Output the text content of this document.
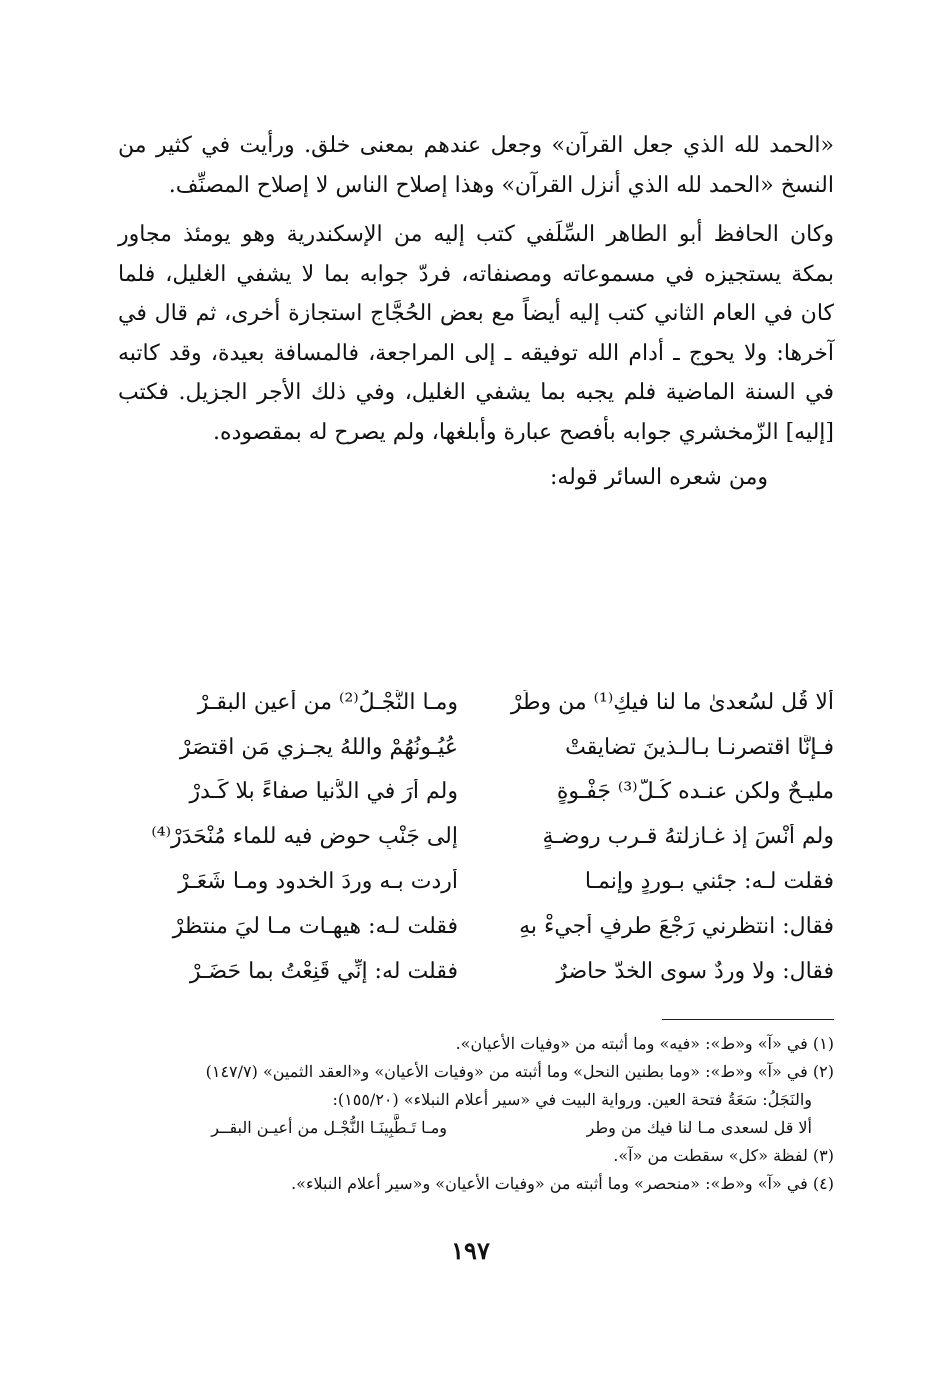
«الحمد لله الذي جعل القرآن» وجعل عندهم بمعنى خلق. ورأيت في كثير من النسخ «الحمد لله الذي أنزل القرآن» وهذا إصلاح الناس لا إصلاح المصنِّف.

وكان الحافظ أبو الطاهر السِّلَفي كتب إليه من الإسكندرية وهو يومئذ مجاور بمكة يستجيزه في مسموعاته ومصنفاته، فردّ جوابه بما لا يشفي الغليل، فلما كان في العام الثاني كتب إليه أيضاً مع بعض الحُجَّاج استجازة أخرى، ثم قال في آخرها: ولا يحوج ـ أدام الله توفيقه ـ إلى المراجعة، فالمسافة بعيدة، وقد كاتبه في السنة الماضية فلم يجبه بما يشفي الغليل، وفي ذلك الأجر الجزيل. فكتب [إليه] الزّمخشري جوابه بأفصح عبارة وأبلغها، ولم يصرح له بمقصوده.

ومن شعره السائر قوله:

ألا قُل لسُعدىٰ ما لنا فيكِ⁽¹⁾ من وطَرْ
ومـا النُّجْـلُ⁽²⁾ من أعين البقـرْ
فـإنَّا اقتصرنـا بـالـذينَ تضايقتْ
عُيُـونُهُمْ واللهُ يجـزي مَن اقتصَرْ
مليـحٌ ولكن عنـده كُـلُّ⁽³⁾ جَفْـوةٍ
ولم أرَ في الدُّنيا صفاءً بلا كَـدرْ
ولم أَنْسَ إذ غـازلتهُ قـرب روضـةٍ
إلى جَنْبِ حوضٍ فيه للماء مُنْحَدَرْ⁽⁴⁾
فقلت لـه: جئني بـوردٍ وإنمـا
أردت بـه وردَ الخدود ومـا شَعَـرْ
فقال: انتظرني رَجْعَ طرفٍ أجيءْ بهِ
فقلت لـه: هيهـات مـا ليَ منتظرْ
فقال: ولا وردٌ سوى الخدّ حاضرٌ
فقلت له: إنِّي قَنِعْتُ بما حَضَـرْ

(١) في «آ» و«ط»: «فيه» وما أثبته من «وفيات الأعيان».

(٢) في «آ» و«ط»: «وما بطنين النحل» وما أثبته من «وفيات الأعيان» و«العقد الثمين» (١٤٧/٧)

والنَجَلُ: سَعَةُ فتحة العين. ورواية البيت في «سير أعلام النبلاء» (١٥٥/٢٠):

ألا قل لسعدى مـا لنا فيك من وطر
ومـا تَـطَّبِينَـا النُّجْـل من أعيـن البقــر

(٣) لفظة «كل» سقطت من «آ».

(٤) في «آ» و«ط»: «منحصر» وما أثبته من «وفيات الأعيان» و«سير أعلام النبلاء».

١٩٧
